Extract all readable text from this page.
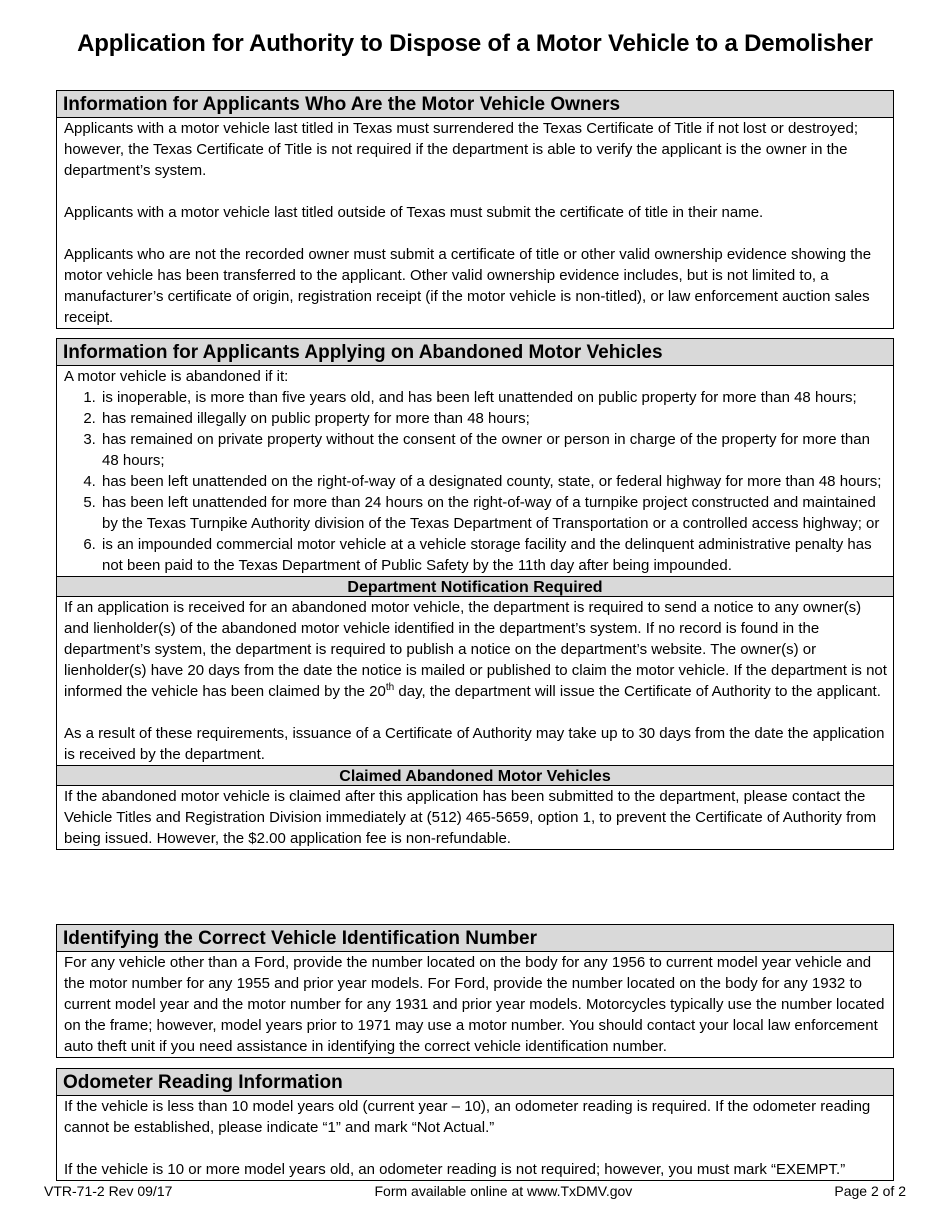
Application for Authority to Dispose of a Motor Vehicle to a Demolisher
Information for Applicants Who Are the Motor Vehicle Owners

Applicants with a motor vehicle last titled in Texas must surrendered the Texas Certificate of Title if not lost or destroyed; however, the Texas Certificate of Title is not required if the department is able to verify the applicant is the owner in the department’s system.

Applicants with a motor vehicle last titled outside of Texas must submit the certificate of title in their name.

Applicants who are not the recorded owner must submit a certificate of title or other valid ownership evidence showing the motor vehicle has been transferred to the applicant. Other valid ownership evidence includes, but is not limited to, a manufacturer’s certificate of origin, registration receipt (if the motor vehicle is non-titled), or law enforcement auction sales receipt.

Information for Applicants Applying on Abandoned Motor Vehicles

A motor vehicle is abandoned if it:

1. is inoperable, is more than five years old, and has been left unattended on public property for more than 48 hours;
2. has remained illegally on public property for more than 48 hours;
3. has remained on private property without the consent of the owner or person in charge of the property for more than 48 hours;
4. has been left unattended on the right-of-way of a designated county, state, or federal highway for more than 48 hours;
5. has been left unattended for more than 24 hours on the right-of-way of a turnpike project constructed and maintained by the Texas Turnpike Authority division of the Texas Department of Transportation or a controlled access highway; or
6. is an impounded commercial motor vehicle at a vehicle storage facility and the delinquent administrative penalty has not been paid to the Texas Department of Public Safety by the 11th day after being impounded.
Department Notification Required

If an application is received for an abandoned motor vehicle, the department is required to send a notice to any owner(s) and lienholder(s) of the abandoned motor vehicle identified in the department’s system. If no record is found in the department’s system, the department is required to publish a notice on the department’s website. The owner(s) or lienholder(s) have 20 days from the date the notice is mailed or published to claim the motor vehicle. If the department is not informed the vehicle has been claimed by the 20th day, the department will issue the Certificate of Authority to the applicant.

As a result of these requirements, issuance of a Certificate of Authority may take up to 30 days from the date the application is received by the department.

Claimed Abandoned Motor Vehicles

If the abandoned motor vehicle is claimed after this application has been submitted to the department, please contact the Vehicle Titles and Registration Division immediately at (512) 465-5659, option 1, to prevent the Certificate of Authority from being issued. However, the $2.00 application fee is non-refundable.

Identifying the Correct Vehicle Identification Number

For any vehicle other than a Ford, provide the number located on the body for any 1956 to current model year vehicle and the motor number for any 1955 and prior year models. For Ford, provide the number located on the body for any 1932 to current model year and the motor number for any 1931 and prior year models. Motorcycles typically use the number located on the frame; however, model years prior to 1971 may use a motor number. You should contact your local law enforcement auto theft unit if you need assistance in identifying the correct vehicle identification number.

Odometer Reading Information

If the vehicle is less than 10 model years old (current year – 10), an odometer reading is required. If the odometer reading cannot be established, please indicate “1” and mark “Not Actual.”

If the vehicle is 10 or more model years old, an odometer reading is not required; however, you must mark “EXEMPT.”

VTR-71-2 Rev 09/17	Form available online at www.TxDMV.gov	Page 2 of 2
